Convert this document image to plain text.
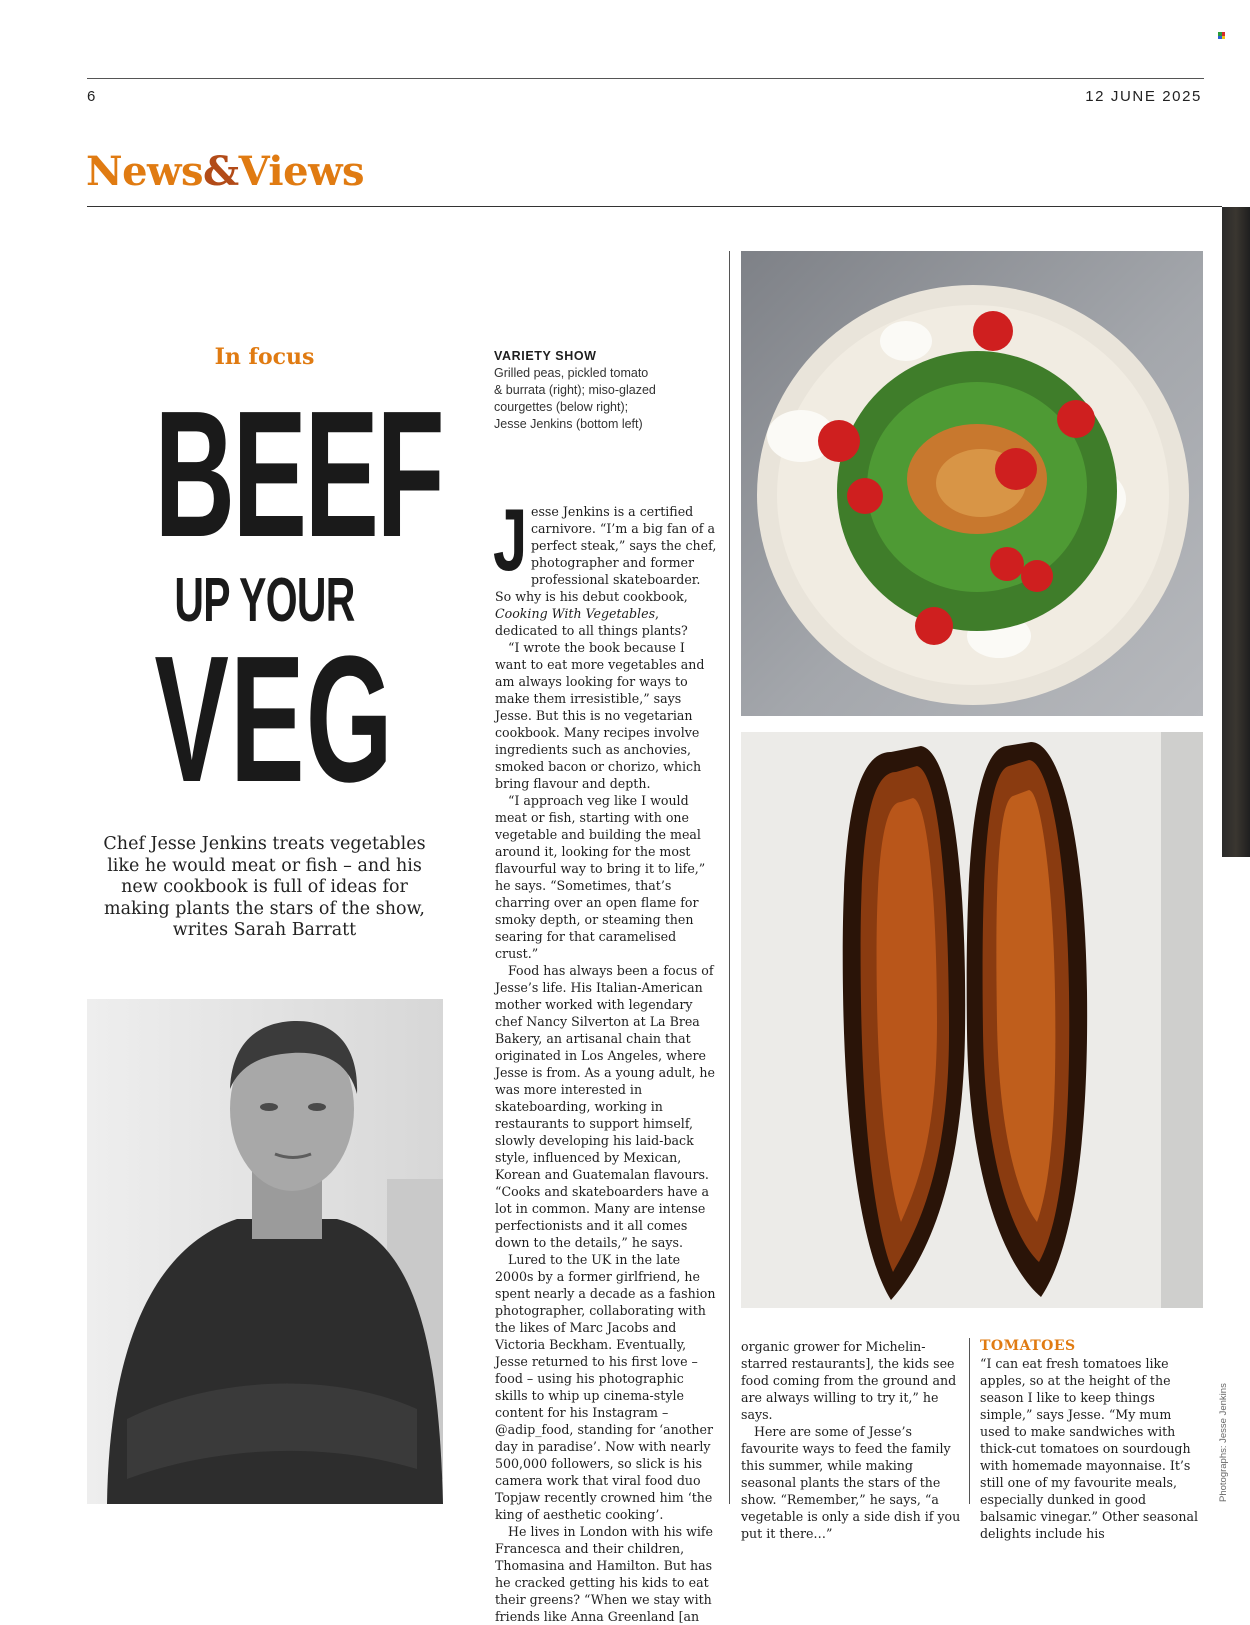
6	12 JUNE 2025
News&Views
In focus
BEEF
UP YOUR
VEG
Chef Jesse Jenkins treats vegetables like he would meat or fish – and his new cookbook is full of ideas for making plants the stars of the show, writes Sarah Barratt
VARIETY SHOW
Grilled peas, pickled tomato
& burrata (right); miso-glazed
courgettes (below right);
Jesse Jenkins (bottom left)

Jesse Jenkins is a certified carnivore. “I’m a big fan of a perfect steak,” says the chef, photographer and former professional skateboarder. So why is his debut cookbook, Cooking With Vegetables, dedicated to all things plants?

“I wrote the book because I want to eat more vegetables and am always looking for ways to make them irresistible,” says Jesse. But this is no vegetarian cookbook. Many recipes involve ingredients such as anchovies, smoked bacon or chorizo, which bring flavour and depth.

“I approach veg like I would meat or fish, starting with one vegetable and building the meal around it, looking for the most flavourful way to bring it to life,” he says. “Sometimes, that’s charring over an open flame for smoky depth, or steaming then searing for that caramelised crust.”

Food has always been a focus of Jesse’s life. His Italian-American mother worked with legendary chef Nancy Silverton at La Brea Bakery, an artisanal chain that originated in Los Angeles, where Jesse is from. As a young adult, he was more interested in skateboarding, working in restaurants to support himself, slowly developing his laid-back style, influenced by Mexican, Korean and Guatemalan flavours. “Cooks and skateboarders have a lot in common. Many are intense perfectionists and it all comes down to the details,” he says.

Lured to the UK in the late 2000s by a former girlfriend, he spent nearly a decade as a fashion photographer, collaborating with the likes of Marc Jacobs and Victoria Beckham. Eventually, Jesse returned to his first love – food – using his photographic skills to whip up cinema-style content for his Instagram – @adip_food, standing for ‘another day in paradise’. Now with nearly 500,000 followers, so slick is his camera work that viral food duo Topjaw recently crowned him ‘the king of aesthetic cooking’.

He lives in London with his wife Francesca and their children, Thomasina and Hamilton. But has he cracked getting his kids to eat their greens? “When we stay with friends like Anna Greenland [an

organic grower for Michelin-starred restaurants], the kids see food coming from the ground and are always willing to try it,” he says.

Here are some of Jesse’s favourite ways to feed the family this summer, while making seasonal plants the stars of the show. “Remember,” he says, “a vegetable is only a side dish if you put it there…”

TOMATOES

“I can eat fresh tomatoes like apples, so at the height of the season I like to keep things simple,” says Jesse. “My mum used to make sandwiches with thick-cut tomatoes on sourdough with homemade mayonnaise. It’s still one of my favourite meals, especially dunked in good balsamic vinegar.” Other seasonal delights include his

Photographs: Jesse Jenkins
